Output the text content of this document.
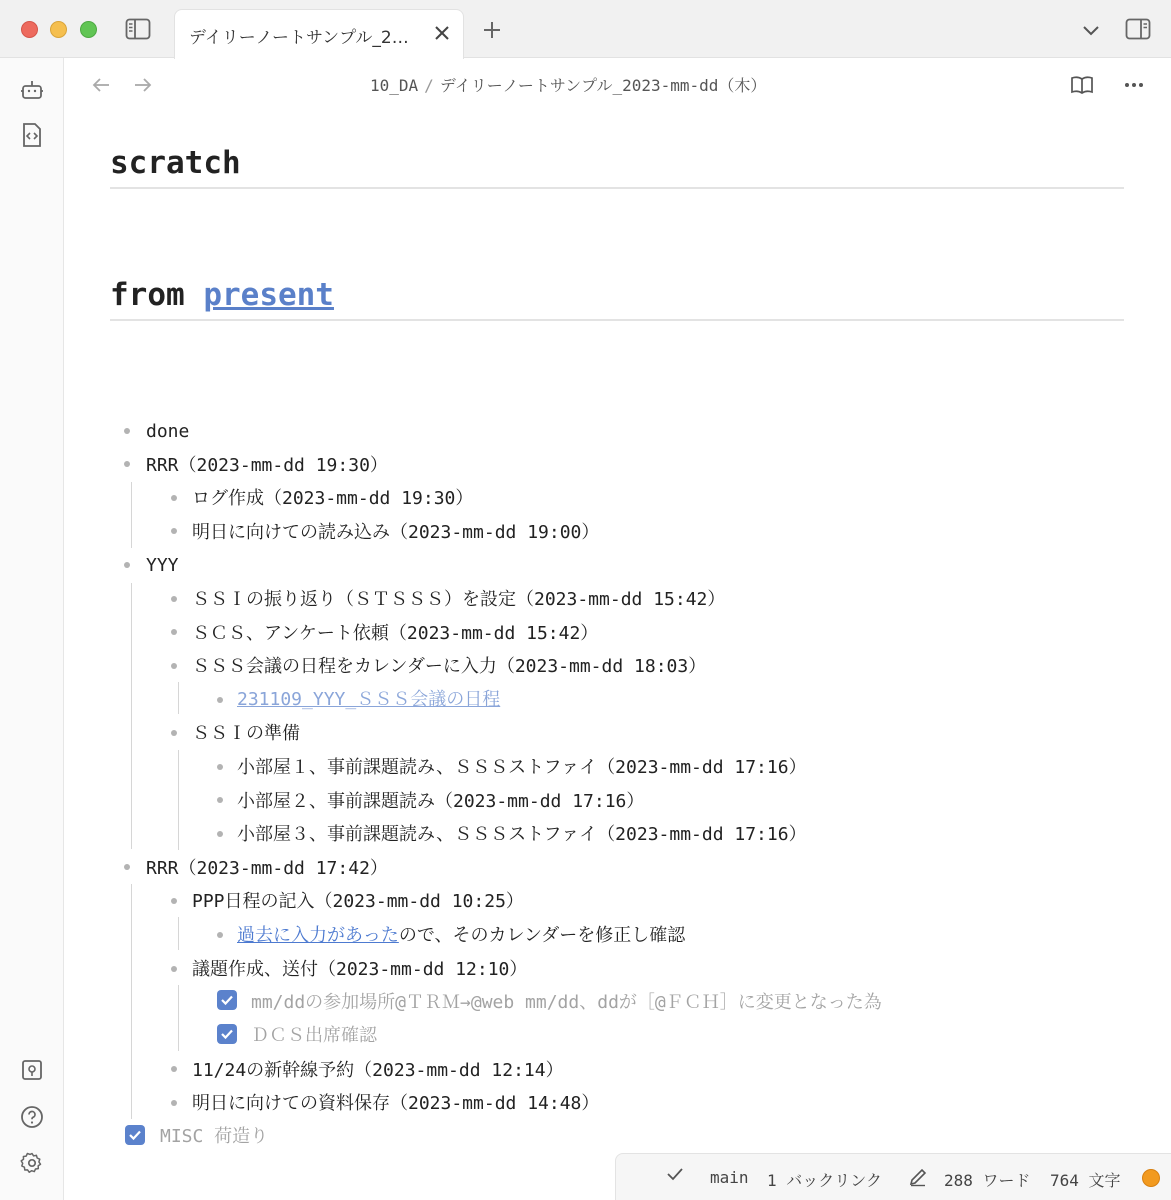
デイリーノートサンプル_2…
10_DA / デイリーノートサンプル_2023-mm-dd（木）
scratch
from present
done
RRR（2023-mm-dd 19:30）
ログ作成（2023-mm-dd 19:30）
明日に向けての読み込み（2023-mm-dd 19:00）
YYY
ＳＳＩの振り返り（ＳＴＳＳＳ）を設定（2023-mm-dd 15:42）
ＳＣＳ、アンケート依頼（2023-mm-dd 15:42）
ＳＳＳ会議の日程をカレンダーに入力（2023-mm-dd 18:03）
231109_YYY_ＳＳＳ会議の日程
ＳＳＩの準備
小部屋１、事前課題読み、ＳＳＳストファイ（2023-mm-dd 17:16）
小部屋２、事前課題読み（2023-mm-dd 17:16）
小部屋３、事前課題読み、ＳＳＳストファイ（2023-mm-dd 17:16）
RRR（2023-mm-dd 17:42）
PPP日程の記入（2023-mm-dd 10:25）
過去に入力があった ので、そのカレンダーを修正し確認
議題作成、送付（2023-mm-dd 12:10）
mm/ddの参加場所@ＴＲＭ→@web mm/dd、ddが［@ＦＣＨ］に変更となった為
ＤＣＳ出席確認
11/24の新幹線予約（2023-mm-dd 12:14）
明日に向けての資料保存（2023-mm-dd 14:48）
MISC 荷造り
main 1 バックリンク	288 ワード 764 文字
